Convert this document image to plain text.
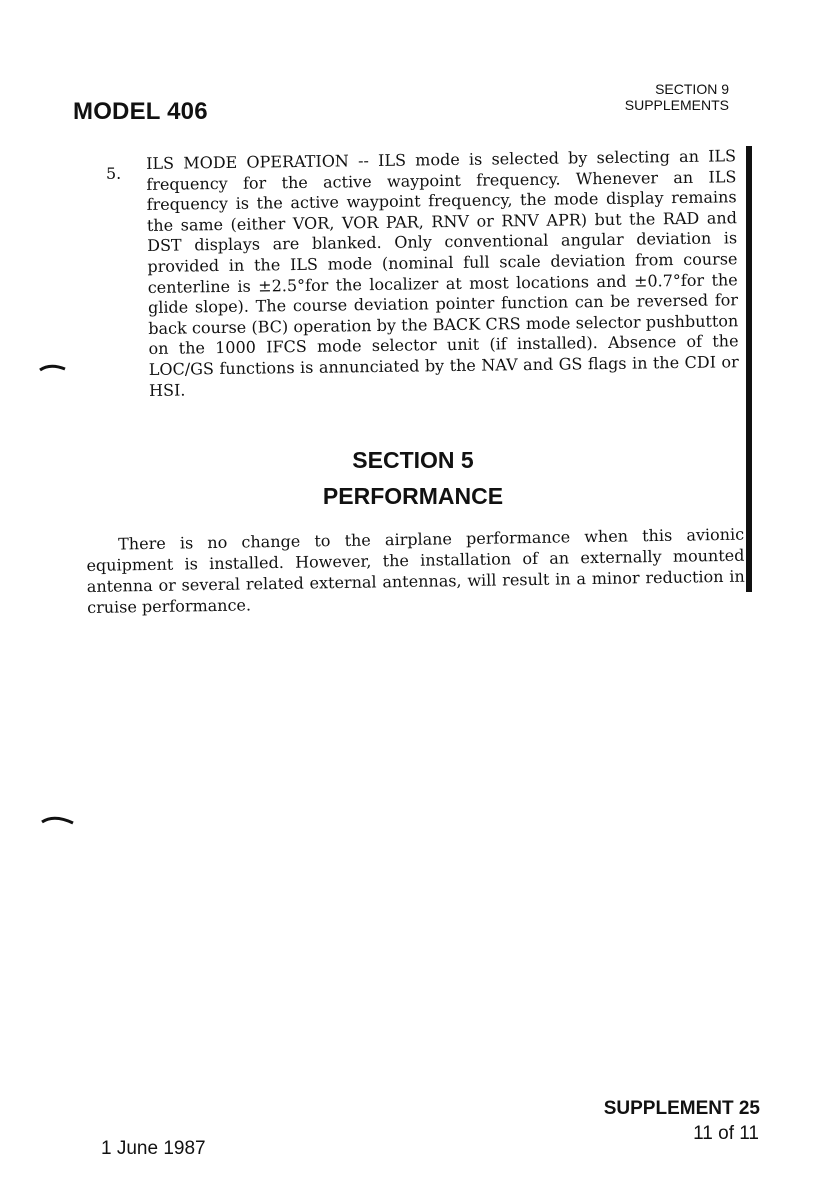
MODEL 406
SECTION 9
SUPPLEMENTS
5.
ILS MODE OPERATION -- ILS mode is selected by selecting an ILS frequency for the active waypoint frequency. Whenever an ILS frequency is the active waypoint frequency, the mode display remains the same (either VOR, VOR PAR, RNV or RNV APR) but the RAD and DST displays are blanked. Only conventional angular deviation is provided in the ILS mode (nominal full scale deviation from course centerline is ±2.5°for the localizer at most locations and ±0.7°for the glide slope). The course deviation pointer function can be reversed for back course (BC) operation by the BACK CRS mode selector pushbutton on the 1000 IFCS mode selector unit (if installed). Absence of the LOC/GS functions is annunciated by the NAV and GS flags in the CDI or HSI.
SECTION 5
PERFORMANCE
There is no change to the airplane performance when this avionic equipment is installed. However, the installation of an externally mounted antenna or several related external antennas, will result in a minor reduction in cruise performance.
SUPPLEMENT 25
11 of 11
1 June 1987
